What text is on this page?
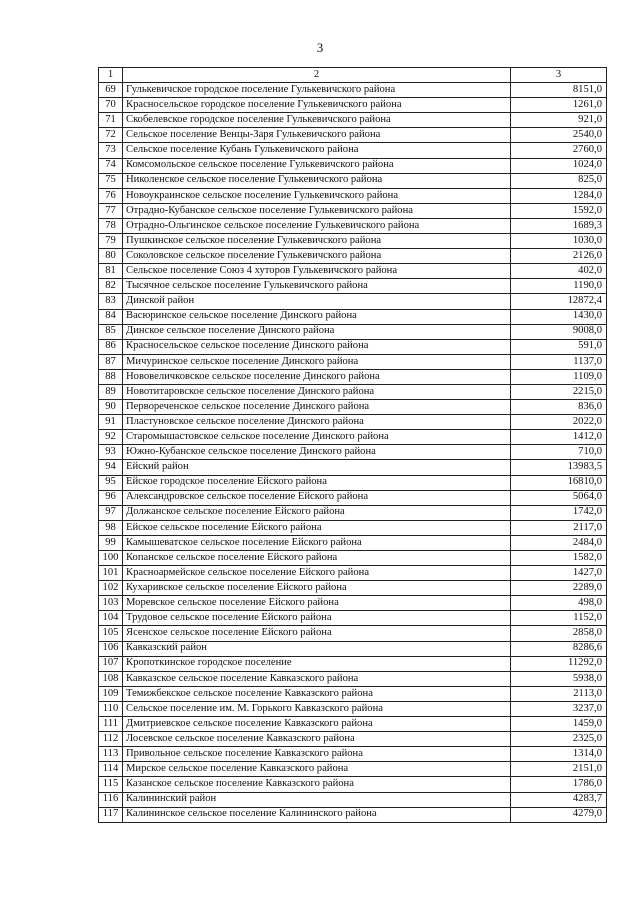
3
1	2	3
69	Гулькевичское городское поселение Гулькевичского района	8151,0
70	Красносельское городское поселение Гулькевичского района	1261,0
71	Скобелевское городское поселение Гулькевичского района	921,0
72	Сельское поселение Венцы-Заря Гулькевичского района	2540,0
73	Сельское поселение Кубань Гулькевичского района	2760,0
74	Комсомольское сельское поселение Гулькевичского района	1024,0
75	Николенское сельское поселение Гулькевичского района	825,0
76	Новоукраинское сельское поселение Гулькевичского района	1284,0
77	Отрадно-Кубанское сельское поселение Гулькевичского района	1592,0
78	Отрадно-Ольгинское сельское поселение Гулькевичского района	1689,3
79	Пушкинское сельское поселение Гулькевичского района	1030,0
80	Соколовское сельское поселение Гулькевичского района	2126,0
81	Сельское поселение Союз 4 хуторов Гулькевичского района	402,0
82	Тысячное сельское поселение Гулькевичского района	1190,0
83	Динской район	12872,4
84	Васюринское сельское поселение Динского района	1430,0
85	Динское сельское поселение Динского района	9008,0
86	Красносельское сельское поселение Динского района	591,0
87	Мичуринское сельское поселение Динского района	1137,0
88	Нововеличковское сельское поселение Динского района	1109,0
89	Новотитаровское сельское поселение Динского района	2215,0
90	Первореченское сельское поселение Динского района	836,0
91	Пластуновское сельское поселение Динского района	2022,0
92	Старомышастовское сельское поселение Динского района	1412,0
93	Южно-Кубанское сельское поселение Динского района	710,0
94	Ейский район	13983,5
95	Ейское городское поселение Ейского района	16810,0
96	Александровское сельское поселение Ейского района	5064,0
97	Должанское сельское поселение Ейского района	1742,0
98	Ейское сельское поселение Ейского района	2117,0
99	Камышеватское сельское поселение Ейского района	2484,0
100	Копанское сельское поселение Ейского района	1582,0
101	Красноармейское сельское поселение Ейского района	1427,0
102	Кухаривское сельское поселение Ейского района	2289,0
103	Моревское сельское поселение Ейского района	498,0
104	Трудовое сельское поселение Ейского района	1152,0
105	Ясенское сельское поселение Ейского района	2858,0
106	Кавказский район	8286,6
107	Кропоткинское городское поселение	11292,0
108	Кавказское сельское поселение Кавказского района	5938,0
109	Темижбекское сельское поселение Кавказского района	2113,0
110	Сельское поселение им. М. Горького Кавказского района	3237,0
111	Дмитриевское сельское поселение Кавказского района	1459,0
112	Лосевское сельское поселение Кавказского района	2325,0
113	Привольное сельское поселение Кавказского района	1314,0
114	Мирское сельское поселение Кавказского района	2151,0
115	Казанское сельское поселение Кавказского района	1786,0
116	Калининский район	4283,7
117	Калининское сельское поселение Калининского района	4279,0
